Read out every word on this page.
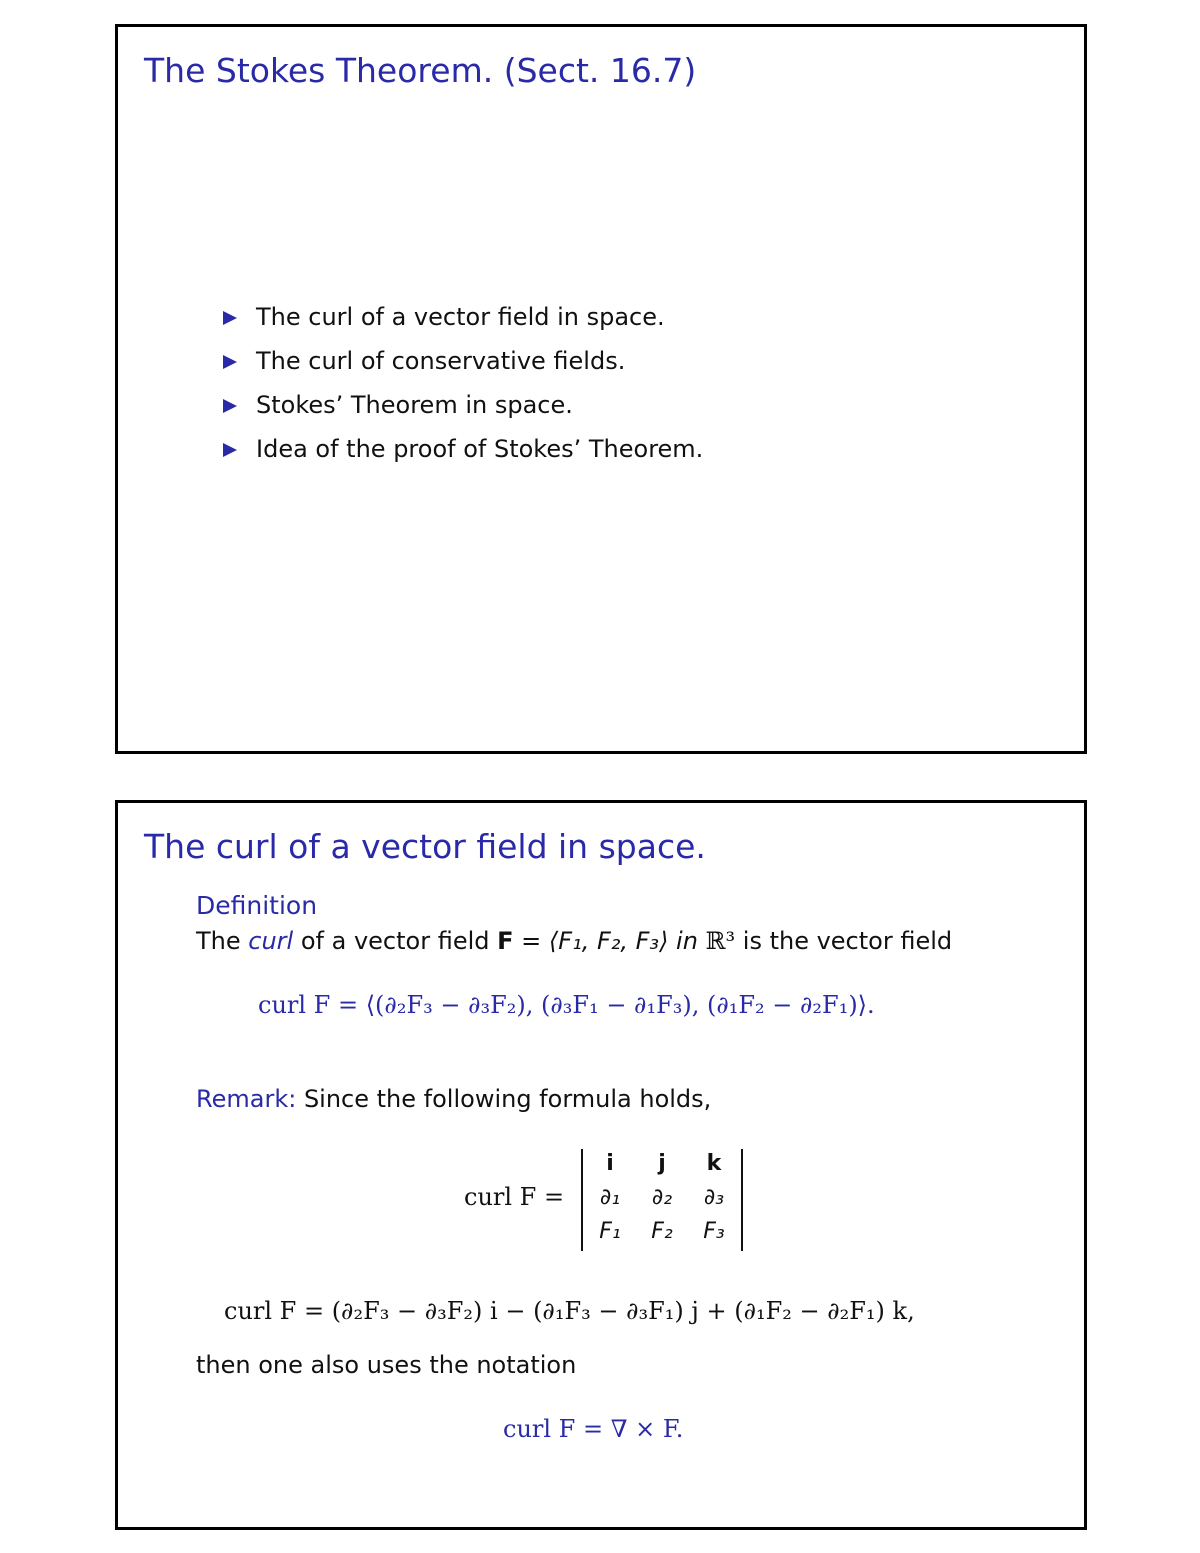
The Stokes Theorem. (Sect. 16.7)
The curl of a vector field in space.
The curl of conservative fields.
Stokes’ Theorem in space.
Idea of the proof of Stokes’ Theorem.
The curl of a vector field in space.
Definition
The curl of a vector field F = ⟨F₁, F₂, F₃⟩ in ℝ³ is the vector field
curl F = ⟨(∂₂F₃ − ∂₃F₂), (∂₃F₁ − ∂₁F₃), (∂₁F₂ − ∂₂F₁)⟩.
Remark: Since the following formula holds,
curl F =
i	j	k
∂₁	∂₂	∂₃
F₁	F₂	F₃
curl F = (∂₂F₃ − ∂₃F₂) i − (∂₁F₃ − ∂₃F₁) j + (∂₁F₂ − ∂₂F₁) k,
then one also uses the notation
curl F = ∇ × F.
